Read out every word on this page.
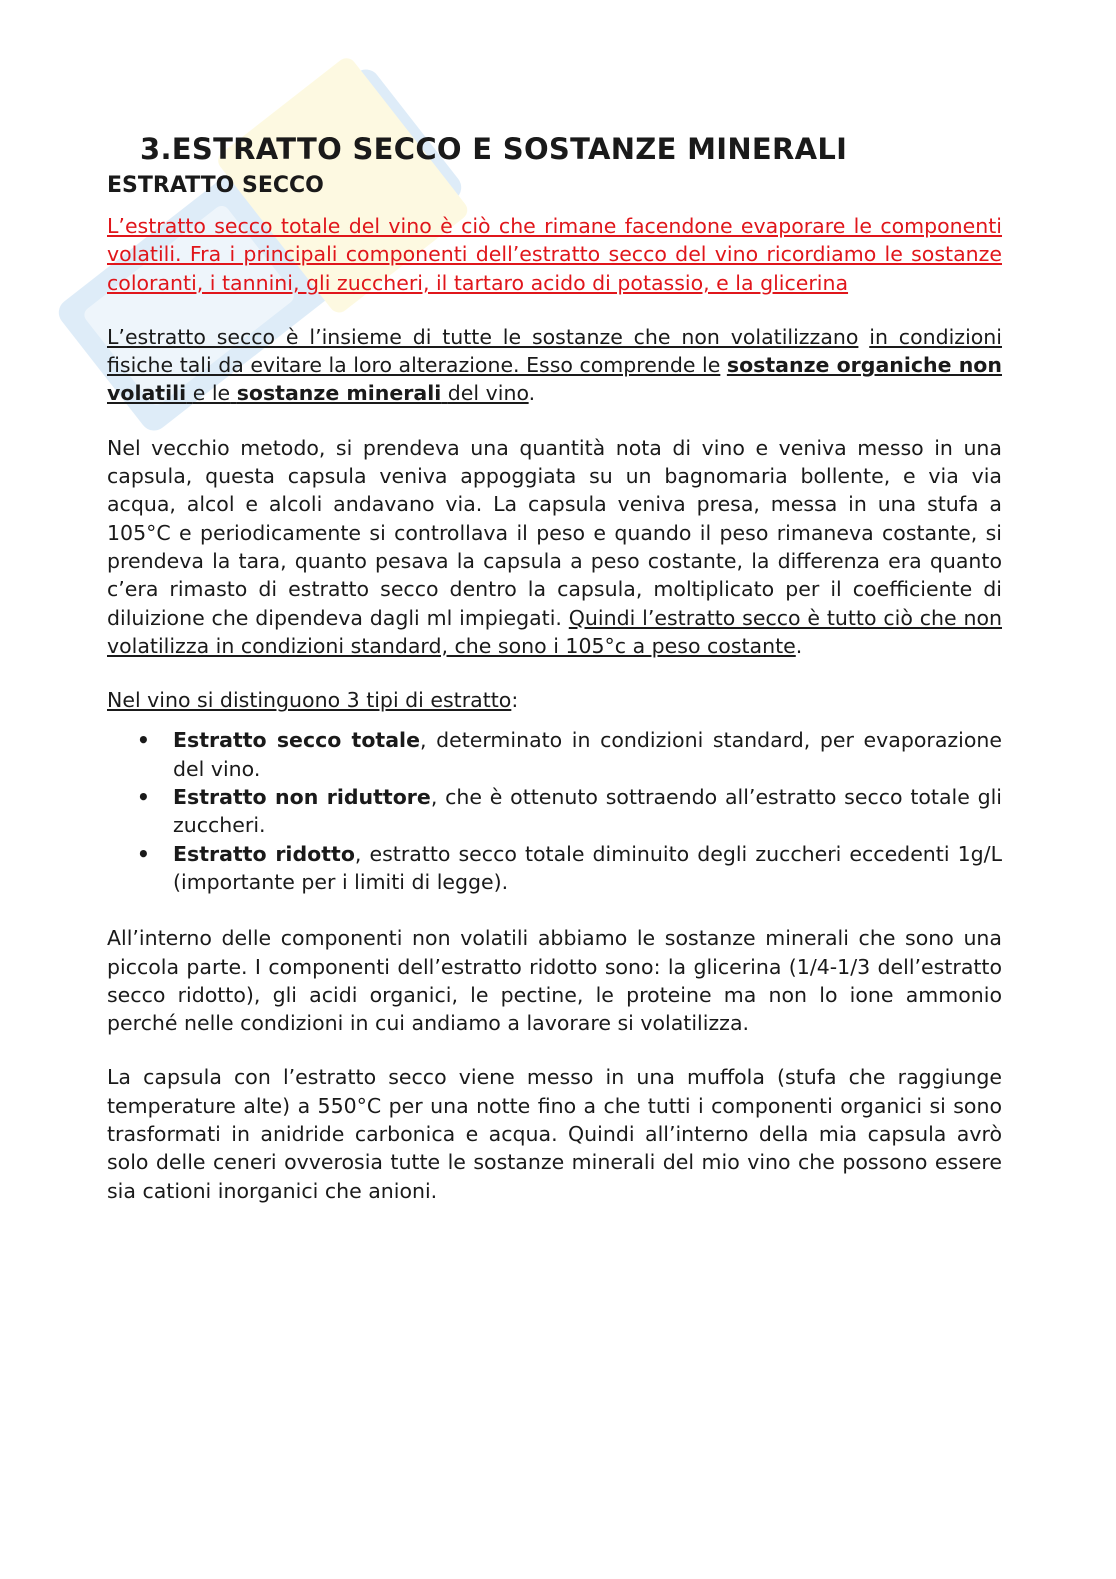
3.ESTRATTO SECCO E SOSTANZE MINERALI
ESTRATTO SECCO

L’estratto secco totale del vino è ciò che rimane facendone evaporare le componenti volatili. Fra i principali componenti dell’estratto secco del vino ricordiamo le sostanze coloranti, i tannini, gli zuccheri, il tartaro acido di potassio, e la glicerina

L’estratto secco è l’insieme di tutte le sostanze che non volatilizzano in condizioni fisiche tali da evitare la loro alterazione. Esso comprende le sostanze organiche non volatili e le sostanze minerali del vino.

Nel vecchio metodo, si prendeva una quantità nota di vino e veniva messo in una capsula, questa capsula veniva appoggiata su un bagnomaria bollente, e via via acqua, alcol e alcoli andavano via. La capsula veniva presa, messa in una stufa a 105°C e periodicamente si controllava il peso e quando il peso rimaneva costante, si prendeva la tara, quanto pesava la capsula a peso costante, la differenza era quanto c’era rimasto di estratto secco dentro la capsula, moltiplicato per il coefficiente di diluizione che dipendeva dagli ml impiegati. Quindi l’estratto secco è tutto ciò che non volatilizza in condizioni standard, che sono i 105°c a peso costante.

Nel vino si distinguono 3 tipi di estratto:

• Estratto secco totale, determinato in condizioni standard, per evaporazione del vino.
• Estratto non riduttore, che è ottenuto sottraendo all’estratto secco totale gli zuccheri.
• Estratto ridotto, estratto secco totale diminuito degli zuccheri eccedenti 1g/L (importante per i limiti di legge).

All’interno delle componenti non volatili abbiamo le sostanze minerali che sono una piccola parte. I componenti dell’estratto ridotto sono: la glicerina (1/4-1/3 dell’estratto secco ridotto), gli acidi organici, le pectine, le proteine ma non lo ione ammonio perché nelle condizioni in cui andiamo a lavorare si volatilizza.

La capsula con l’estratto secco viene messo in una muffola (stufa che raggiunge temperature alte) a 550°C per una notte fino a che tutti i componenti organici si sono trasformati in anidride carbonica e acqua. Quindi all’interno della mia capsula avrò solo delle ceneri ovverosia tutte le sostanze minerali del mio vino che possono essere sia cationi inorganici che anioni.
